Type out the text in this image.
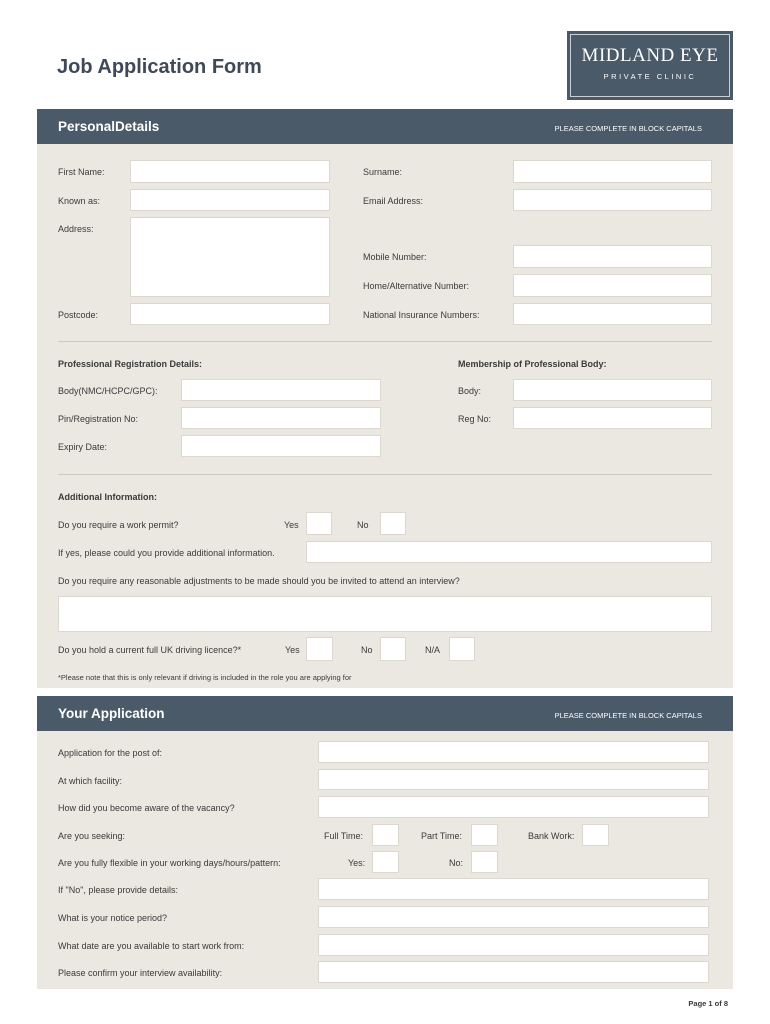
Job Application Form
MIDLAND EYE
PRIVATE CLINIC
PersonalDetails	PLEASE COMPLETE IN BLOCK CAPITALS
First Name:	Surname:
Known as:	Email Address:
Address:
Mobile Number:
Home/Alternative Number:
Postcode:	National Insurance Numbers:
Professional Registration Details:	Membership of Professional Body:
Body(NMC/HCPC/GPC):	Body:
Pin/Registration No:	Reg No:
Expiry Date:
Additional Information:
Do you require a work permit?	Yes	No
If yes, please could you provide additional information.
Do you require any reasonable adjustments to be made should you be invited to attend an interview?
Do you hold a current full UK driving licence?*	Yes	No	N/A
*Please note that this is only relevant if driving is included in the role you are applying for
Your Application	PLEASE COMPLETE IN BLOCK CAPITALS
Application for the post of:
At which facility:
How did you become aware of the vacancy?
Are you seeking:	Full Time:	Part Time:	Bank Work:
Are you fully flexible in your working days/hours/pattern:	Yes:	No:
If "No", please provide details:
What is your notice period?
What date are you available to start work from:
Please confirm your interview availability:
Page 1 of 8
